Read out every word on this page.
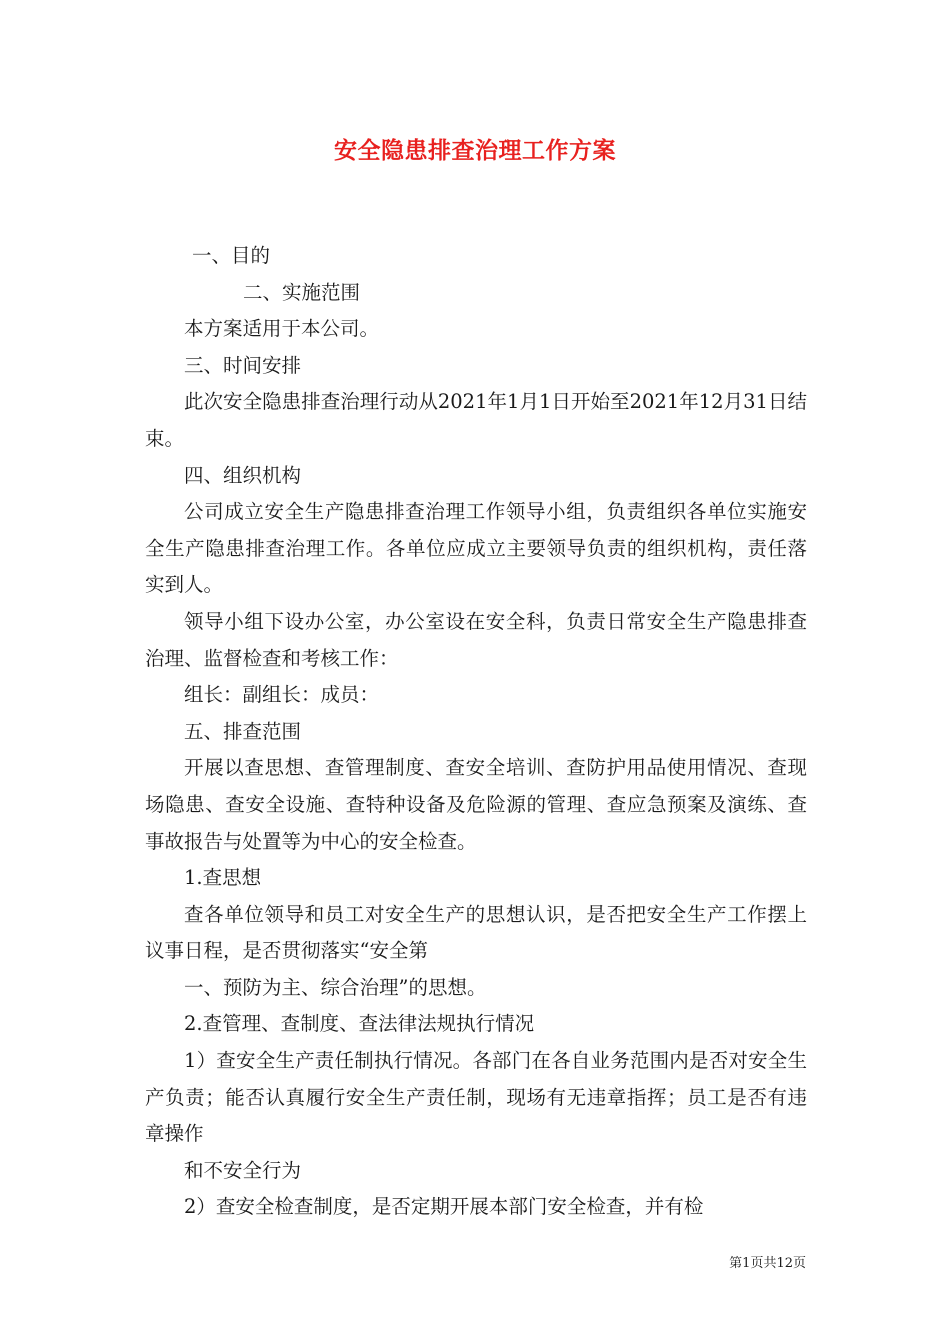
安全隐患排查治理工作方案

一、目的

二、实施范围

本方案适用于本公司。

三、时间安排

此次安全隐患排查治理行动从2021年1月1日开始至2021年12月31日结束。

四、组织机构

公司成立安全生产隐患排查治理工作领导小组，负责组织各单位实施安全生产隐患排查治理工作。各单位应成立主要领导负责的组织机构，责任落实到人。

领导小组下设办公室，办公室设在安全科，负责日常安全生产隐患排查治理、监督检查和考核工作：

组长：副组长：成员：

五、排查范围

开展以查思想、查管理制度、查安全培训、查防护用品使用情况、查现场隐患、查安全设施、查特种设备及危险源的管理、查应急预案及演练、查事故报告与处置等为中心的安全检查。

1.查思想

查各单位领导和员工对安全生产的思想认识，是否把安全生产工作摆上议事日程，是否贯彻落实“安全第

一、预防为主、综合治理”的思想。

2.查管理、查制度、查法律法规执行情况

1）查安全生产责任制执行情况。各部门在各自业务范围内是否对安全生产负责；能否认真履行安全生产责任制，现场有无违章指挥；员工是否有违章操作

和不安全行为

2）查安全检查制度，是否定期开展本部门安全检查，并有检

第1页共12页
